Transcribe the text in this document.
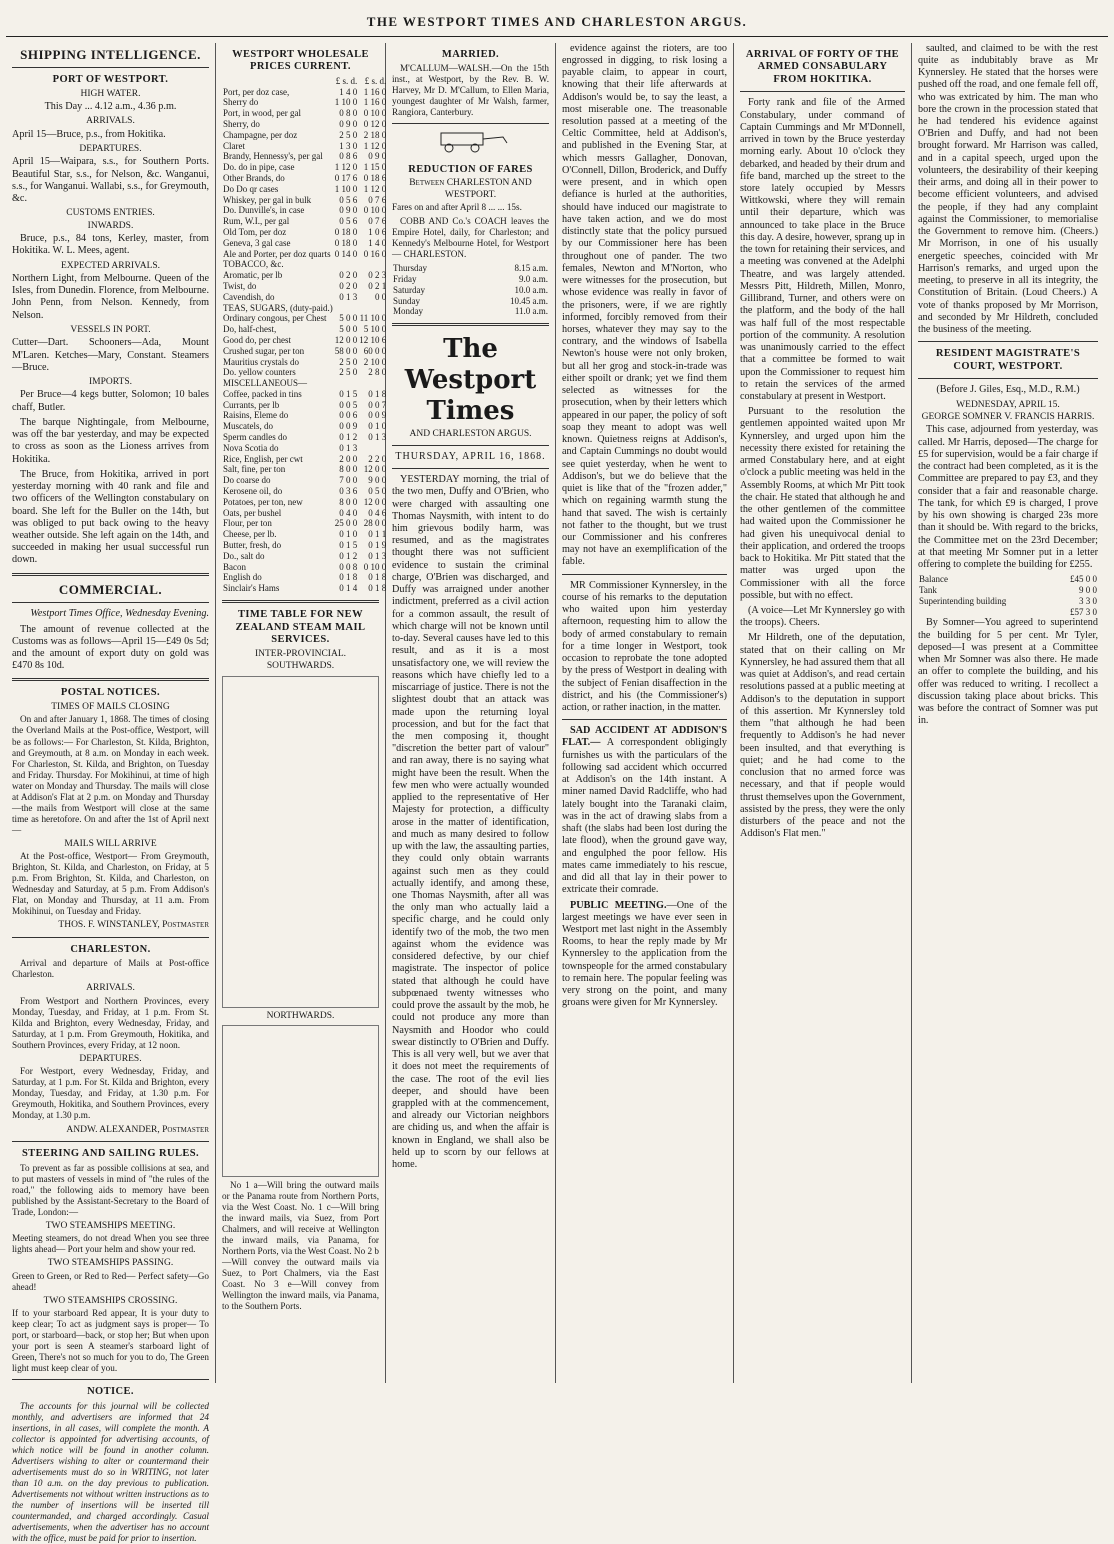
THE WESTPORT TIMES AND CHARLESTON ARGUS.
SHIPPING INTELLIGENCE.
PORT OF WESTPORT.
HIGH WATER.

This Day ... 4.12 a.m., 4.36 p.m.

ARRIVALS.

April 15—Bruce, p.s., from Hokitika.

DEPARTURES.

April 15—Waipara, s.s., for Southern Ports. Beautiful Star, s.s., for Nelson, &c. Wanganui, s.s., for Wanganui. Wallabi, s.s., for Greymouth, &c.

CUSTOMS ENTRIES.
INWARDS.

Bruce, p.s., 84 tons, Kerley, master, from Hokitika. W. L. Mees, agent.

EXPECTED ARRIVALS.

Northern Light, from Melbourne. Queen of the Isles, from Dunedin. Florence, from Melbourne. John Penn, from Nelson. Kennedy, from Nelson.

VESSELS IN PORT.

Cutter—Dart. Schooners—Ada, Mount M'Laren. Ketches—Mary, Constant. Steamers—Bruce.

IMPORTS.

Per Bruce—4 kegs butter, Solomon; 10 bales chaff, Butler.

The barque Nightingale, from Melbourne, was off the bar yesterday, and may be expected to cross as soon as the Lioness arrives from Hokitika.

The Bruce, from Hokitika, arrived in port yesterday morning with 40 rank and file and two officers of the Wellington constabulary on board. She left for the Buller on the 14th, but was obliged to put back owing to the heavy weather outside. She left again on the 14th, and succeeded in making her usual successful run down.

COMMERCIAL.

Westport Times Office, Wednesday Evening.

The amount of revenue collected at the Customs was as follows—April 15—£49 0s 5d; and the amount of export duty on gold was £470 8s 10d.

POSTAL NOTICES.
TIMES OF MAILS CLOSING

On and after January 1, 1868. The times of closing the Overland Mails at the Post-office, Westport, will be as follows:— For Charleston, St. Kilda, Brighton, and Greymouth, at 8 a.m. on Monday in each week. For Charleston, St. Kilda, and Brighton, on Tuesday and Friday. Thursday. For Mokihinui, at time of high water on Monday and Thursday. The mails will close at Addison's Flat at 2 p.m. on Monday and Thursday—the mails from Westport will close at the same time as heretofore. On and after the 1st of April next—

MAILS WILL ARRIVE

At the Post-office, Westport— From Greymouth, Brighton, St. Kilda, and Charleston, on Friday, at 5 p.m. From Brighton, St. Kilda, and Charleston, on Wednesday and Saturday, at 5 p.m. From Addison's Flat, on Monday and Thursday, at 11 a.m. From Mokihinui, on Tuesday and Friday.

THOS. F. WINSTANLEY, Postmaster
CHARLESTON.

Arrival and departure of Mails at Post-office Charleston.

ARRIVALS.

From Westport and Northern Provinces, every Monday, Tuesday, and Friday, at 1 p.m. From St. Kilda and Brighton, every Wednesday, Friday, and Saturday, at 1 p.m. From Greymouth, Hokitika, and Southern Provinces, every Friday, at 12 noon.

DEPARTURES.

For Westport, every Wednesday, Friday, and Saturday, at 1 p.m. For St. Kilda and Brighton, every Monday, Tuesday, and Friday, at 1.30 p.m. For Greymouth, Hokitika, and Southern Provinces, every Monday, at 1.30 p.m.

ANDW. ALEXANDER, Postmaster
STEERING AND SAILING RULES.

To prevent as far as possible collisions at sea, and to put masters of vessels in mind of "the rules of the road," the following aids to memory have been published by the Assistant-Secretary to the Board of Trade, London:—

TWO STEAMSHIPS MEETING.

Meeting steamers, do not dread When you see three lights ahead— Port your helm and show your red.

TWO STEAMSHIPS PASSING.

Green to Green, or Red to Red— Perfect safety—Go ahead!

TWO STEAMSHIPS CROSSING.

If to your starboard Red appear, It is your duty to keep clear; To act as judgment says is proper— To port, or starboard—back, or stop her; But when upon your port is seen A steamer's starboard light of Green, There's not so much for you to do, The Green light must keep clear of you.

NOTICE.

The accounts for this journal will be collected monthly, and advertisers are informed that 24 insertions, in all cases, will complete the month. A collector is appointed for advertising accounts, of which notice will be found in another column. Advertisers wishing to alter or countermand their advertisements must do so in WRITING, not later than 10 a.m. on the day previous to publication. Advertisements not without written instructions as to the number of insertions will be inserted till countermanded, and charged accordingly. Casual advertisements, when the advertiser has no account with the office, must be paid for prior to insertion.

WESTPORT WHOLESALE PRICES CURRENT.
	£ s. d.	£ s. d.
Port, per doz case,	1 4 0	1 16 0
Sherry do	1 10 0	1 16 0
Port, in wood, per gal	0 8 0	0 10 0
Sherry, do	0 9 0	0 12 0
Champagne, per doz	2 5 0	2 18 0
Claret	1 3 0	1 12 0
Brandy, Hennessy's, per gal	0 8 6	0 9 0
Do. do in pipe, case	1 12 0	1 15 0
Other Brands, do	0 17 6	0 18 6
Do Do qr cases	1 10 0	1 12 0
Whiskey, per gal in bulk	0 5 6	0 7 6
Do. Dunville's, in case	0 9 0	0 10 0
Rum, W.I., per gal	0 5 6	0 7 6
Old Tom, per doz	0 18 0	1 0 6
Geneva, 3 gal case	0 18 0	1 4 0
Ale and Porter, per doz quarts	0 14 0	0 16 0
TOBACCO, &c.		
Aromatic, per lb	0 2 0	0 2 3
Twist, do	0 2 0	0 2 1
Cavendish, do	0 1 3	0 0
TEAS, SUGARS, (duty-paid.)		
Ordinary congous, per Chest	5 0 0	11 10 0
Do, half-chest,	5 0 0	5 10 0
Good do, per chest	12 0 0	12 10 6
Crushed sugar, per ton	58 0 0	60 0 0
Mauritius crystals do	2 5 0	2 10 0
Do. yellow counters	2 5 0	2 8 0
MISCELLANEOUS—		
Coffee, packed in tins	0 1 5	0 1 8
Currants, per lb	0 0 5	0 0 7
Raisins, Eleme do	0 0 6	0 0 9
Muscatels, do	0 0 9	0 1 0
Sperm candles do	0 1 2	0 1 3
Nova Scotia do	0 1 3	
Rice, English, per cwt	2 0 0	2 2 0
Salt, fine, per ton	8 0 0	12 0 0
Do coarse do	7 0 0	9 0 0
Kerosene oil, do	0 3 6	0 5 0
Potatoes, per ton, new	8 0 0	12 0 0
Oats, per bushel	0 4 0	0 4 6
Flour, per ton	25 0 0	28 0 0
Cheese, per lb.	0 1 0	0 1 1
Butter, fresh, do	0 1 5	0 1 9
Do., salt do	0 1 2	0 1 3
Bacon	0 0 8	0 10 0
English do	0 1 8	0 1 8
Sinclair's Hams	0 1 4	0 1 8
TIME TABLE FOR NEW ZEALAND STEAM MAIL SERVICES.
INTER-PROVINCIAL.
SOUTHWARDS.
NORTHWARDS.

No 1 a—Will bring the outward mails or the Panama route from Northern Ports, via the West Coast. No. 1 c—Will bring the inward mails, via Suez, from Port Chalmers, and will receive at Wellington the inward mails, via Panama, for Northern Ports, via the West Coast. No 2 b—Will convey the outward mails via Suez, to Port Chalmers, via the East Coast. No 3 e—Will convey from Wellington the inward mails, via Panama, to the Southern Ports.

MARRIED.

M'CALLUM—WALSH.—On the 15th inst., at Westport, by the Rev. B. W. Harvey, Mr D. M'Callum, to Ellen Maria, youngest daughter of Mr Walsh, farmer, Rangiora, Canterbury.

REDUCTION OF FARES
Between CHARLESTON AND WESTPORT.

Fares on and after April 8 ... ... 15s.

COBB AND Co.'s COACH leaves the Empire Hotel, daily, for Charleston; and Kennedy's Melbourne Hotel, for Westport— CHARLESTON.

Thursday	8.15 a.m.
Friday	9.0 a.m.
Saturday	10.0 a.m.
Sunday	10.45 a.m.
Monday	11.0 a.m.
The Westport Times
AND CHARLESTON ARGUS.
THURSDAY, APRIL 16, 1868.

YESTERDAY morning, the trial of the two men, Duffy and O'Brien, who were charged with assaulting one Thomas Naysmith, with intent to do him grievous bodily harm, was resumed, and as the magistrates thought there was not sufficient evidence to sustain the criminal charge, O'Brien was discharged, and Duffy was arraigned under another indictment, preferred as a civil action for a common assault, the result of which charge will not be known until to-day. Several causes have led to this result, and as it is a most unsatisfactory one, we will review the reasons which have chiefly led to a miscarriage of justice. There is not the slightest doubt that an attack was made upon the returning loyal procession, and but for the fact that the men composing it, thought "discretion the better part of valour" and ran away, there is no saying what might have been the result. When the few men who were actually wounded applied to the representative of Her Majesty for protection, a difficulty arose in the matter of identification, and much as many desired to follow up with the law, the assaulting parties, they could only obtain warrants against such men as they could actually identify, and among these, one Thomas Naysmith, after all was the only man who actually laid a specific charge, and he could only identify two of the mob, the two men against whom the evidence was considered defective, by our chief magistrate. The inspector of police stated that although he could have subpœnaed twenty witnesses who could prove the assault by the mob, he could not produce any more than Naysmith and Hoodor who could swear distinctly to O'Brien and Duffy. This is all very well, but we aver that it does not meet the requirements of the case. The root of the evil lies deeper, and should have been grappled with at the commencement, and already our Victorian neighbors are chiding us, and when the affair is known in England, we shall also be held up to scorn by our fellows at home.

evidence against the rioters, are too engrossed in digging, to risk losing a payable claim, to appear in court, knowing that their life afterwards at Addison's would be, to say the least, a most miserable one. The treasonable resolution passed at a meeting of the Celtic Committee, held at Addison's, and published in the Evening Star, at which messrs Gallagher, Donovan, O'Connell, Dillon, Broderick, and Duffy were present, and in which open defiance is hurled at the authorities, should have induced our magistrate to have taken action, and we do most distinctly state that the policy pursued by our Commissioner here has been throughout one of pander. The two females, Newton and M'Norton, who were witnesses for the prosecution, but whose evidence was really in favor of the prisoners, were, if we are rightly informed, forcibly removed from their horses, whatever they may say to the contrary, and the windows of Isabella Newton's house were not only broken, but all her grog and stock-in-trade was either spoilt or drank; yet we find them selected as witnesses for the prosecution, when by their letters which appeared in our paper, the policy of soft soap they meant to adopt was well known. Quietness reigns at Addison's, and Captain Cummings no doubt would see quiet yesterday, when he went to Addison's, but we do believe that the quiet is like that of the "frozen adder," which on regaining warmth stung the hand that saved. The wish is certainly not father to the thought, but we trust our Commissioner and his confreres may not have an exemplification of the fable.

MR Commissioner Kynnersley, in the course of his remarks to the deputation who waited upon him yesterday afternoon, requesting him to allow the body of armed constabulary to remain for a time longer in Westport, took occasion to reprobate the tone adopted by the press of Westport in dealing with the subject of Fenian disaffection in the district, and his (the Commissioner's) action, or rather inaction, in the matter.

SAD ACCIDENT AT ADDISON'S FLAT.— A correspondent obligingly furnishes us with the particulars of the following sad accident which occurred at Addison's on the 14th instant. A miner named David Radcliffe, who had lately bought into the Taranaki claim, was in the act of drawing slabs from a shaft (the slabs had been lost during the late flood), when the ground gave way, and engulphed the poor fellow. His mates came immediately to his rescue, and did all that lay in their power to extricate their comrade.

PUBLIC MEETING.—One of the largest meetings we have ever seen in Westport met last night in the Assembly Rooms, to hear the reply made by Mr Kynnersley to the application from the townspeople for the armed constabulary to remain here. The popular feeling was very strong on the point, and many groans were given for Mr Kynnersley.

ARRIVAL OF FORTY OF THE ARMED CONSABULARY FROM HOKITIKA.

Forty rank and file of the Armed Constabulary, under command of Captain Cummings and Mr M'Donnell, arrived in town by the Bruce yesterday morning early. About 10 o'clock they debarked, and headed by their drum and fife band, marched up the street to the store lately occupied by Messrs Wittkowski, where they will remain until their departure, which was announced to take place in the Bruce this day. A desire, however, sprang up in the town for retaining their services, and a meeting was convened at the Adelphi Theatre, and was largely attended. Messrs Pitt, Hildreth, Millen, Monro, Gillibrand, Turner, and others were on the platform, and the body of the hall was half full of the most respectable portion of the community. A resolution was unanimously carried to the effect that a committee be formed to wait upon the Commissioner to request him to retain the services of the armed constabulary at present in Westport.

Pursuant to the resolution the gentlemen appointed waited upon Mr Kynnersley, and urged upon him the necessity there existed for retaining the armed Constabulary here, and at eight o'clock a public meeting was held in the Assembly Rooms, at which Mr Pitt took the chair. He stated that although he and the other gentlemen of the committee had waited upon the Commissioner he had given his unequivocal denial to their application, and ordered the troops back to Hokitika. Mr Pitt stated that the matter was urged upon the Commissioner with all the force possible, but with no effect.

(A voice—Let Mr Kynnersley go with the troops). Cheers.

Mr Hildreth, one of the deputation, stated that on their calling on Mr Kynnersley, he had assured them that all was quiet at Addison's, and read certain resolutions passed at a public meeting at Addison's to the deputation in support of this assertion. Mr Kynnersley told them "that although he had been frequently to Addison's he had never been insulted, and that everything is quiet; and he had come to the conclusion that no armed force was necessary, and that if people would thrust themselves upon the Government, assisted by the press, they were the only disturbers of the peace and not the Addison's Flat men."

saulted, and claimed to be with the rest quite as indubitably brave as Mr Kynnersley. He stated that the horses were pushed off the road, and one female fell off, who was extricated by him. The man who bore the crown in the procession stated that he had tendered his evidence against O'Brien and Duffy, and had not been brought forward. Mr Harrison was called, and in a capital speech, urged upon the volunteers, the desirability of their keeping their arms, and doing all in their power to become efficient volunteers, and advised the people, if they had any complaint against the Commissioner, to memorialise the Government to remove him. (Cheers.) Mr Morrison, in one of his usually energetic speeches, coincided with Mr Harrison's remarks, and urged upon the meeting, to preserve in all its integrity, the Constitution of Britain. (Loud Cheers.) A vote of thanks proposed by Mr Morrison, and seconded by Mr Hildreth, concluded the business of the meeting.

RESIDENT MAGISTRATE'S COURT, WESTPORT.

(Before J. Giles, Esq., M.D., R.M.)

WEDNESDAY, APRIL 15.
GEORGE SOMNER V. FRANCIS HARRIS.

This case, adjourned from yesterday, was called. Mr Harris, deposed—The charge for £5 for supervision, would be a fair charge if the contract had been completed, as it is the Committee are prepared to pay £3, and they consider that a fair and reasonable charge. The tank, for which £9 is charged, I prove by his own showing is charged 23s more than it should be. With regard to the bricks, the Committee met on the 23rd December; at that meeting Mr Somner put in a letter offering to complete the building for £255.

Balance	£45 0 0
Tank	9 0 0
Superintending building	3 3 0
	£57 3 0

By Somner—You agreed to superintend the building for 5 per cent. Mr Tyler, deposed—I was present at a Committee when Mr Somner was also there. He made an offer to complete the building, and his offer was reduced to writing. I recollect a discussion taking place about bricks. This was before the contract of Somner was put in.
